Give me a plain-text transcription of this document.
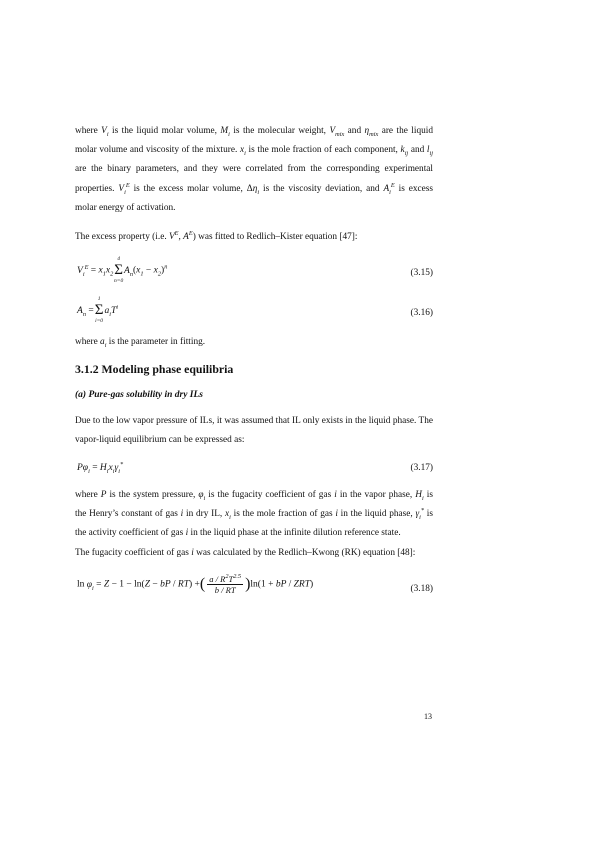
where $V_i$ is the liquid molar volume, $M_i$ is the molecular weight, $V_{mix}$ and $\eta_{mix}$ are the liquid molar volume and viscosity of the mixture. $x_i$ is the mole fraction of each component, $k_{ij}$ and $l_{ij}$ are the binary parameters, and they were correlated from the corresponding experimental properties. $V_i^E$ is the excess molar volume, $\Delta\eta_i$ is the viscosity deviation, and $A_i^E$ is excess molar energy of activation.

The excess property (i.e. $V^E$, $A^E$) was fitted to Redlich–Kister equation [47]:

$V_i^E = x_1x_2\Sigma$
4
n=0
$A_n(x_1 - x_2)^n$
(3.15)
$A_n =\Sigma$
1
i=0
$a_iT^i$
(3.16)

where $a_i$ is the parameter in fitting.

3.1.2 Modeling phase equilibria
(a) Pure-gas solubility in dry ILs

Due to the low vapor pressure of ILs, it was assumed that IL only exists in the liquid phase. The vapor-liquid equilibrium can be expressed as:

$P\varphi_i = H_ix_i\gamma_i^*$	(3.17)

where P is the system pressure, $\varphi_i$ is the fugacity coefficient of gas i in the vapor phase, $H_i$ is the Henry’s constant of gas i in dry IL, $x_i$ is the mole fraction of gas i in the liquid phase, $\gamma_i^*$ is the activity coefficient of gas i in the liquid phase at the infinite dilution reference state.

The fugacity coefficient of gas i was calculated by the Redlich–Kwong (RK) equation [48]:

$\ln \varphi_i = Z - 1 - \ln(Z$ − bP / RT) +( $\frac{a / R^2T^{2.5}}{b / RT} )\ln(1$ + bP / ZRT)	(3.18)
13
